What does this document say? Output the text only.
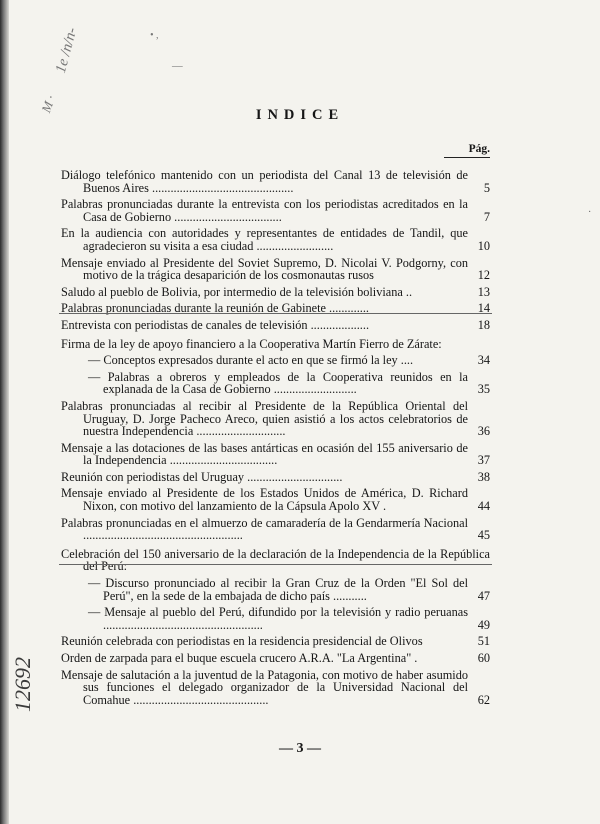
1e /n/n-
M ·
• ,
—
12692
·
INDICE
Pág.
Diálogo telefónico mantenido con un periodista del Canal 13 de televisión de Buenos Aires ..............................................	5
Palabras pronunciadas durante la entrevista con los periodistas acreditados en la Casa de Gobierno ...................................	7
En la audiencia con autoridades y representantes de entidades de Tandil, que agradecieron su visita a esa ciudad .........................	10
Mensaje enviado al Presidente del Soviet Supremo, D. Nicolai V. Podgorny, con motivo de la trágica desaparición de los cosmonautas rusos	12
Saludo al pueblo de Bolivia, por intermedio de la televisión boliviana ..	13
Palabras pronunciadas durante la reunión de Gabinete .............	14
Entrevista con periodistas de canales de televisión ...................	18
Firma de la ley de apoyo financiero a la Cooperativa Martín Fierro de Zárate:
— Conceptos expresados durante el acto en que se firmó la ley ....	34
— Palabras a obreros y empleados de la Cooperativa reunidos en la explanada de la Casa de Gobierno ...........................	35
Palabras pronunciadas al recibir al Presidente de la República Oriental del Uruguay, D. Jorge Pacheco Areco, quien asistió a los actos celebratorios de nuestra Independencia .............................	36
Mensaje a las dotaciones de las bases antárticas en ocasión del 155 aniversario de la Independencia ...................................	37
Reunión con periodistas del Uruguay ...............................	38
Mensaje enviado al Presidente de los Estados Unidos de América, D. Richard Nixon, con motivo del lanzamiento de la Cápsula Apolo XV .	44
Palabras pronunciadas en el almuerzo de camaradería de la Gendarmería Nacional ....................................................	45
Celebración del 150 aniversario de la declaración de la Independencia de la República del Perú:
— Discurso pronunciado al recibir la Gran Cruz de la Orden "El Sol del Perú", en la sede de la embajada de dicho país ...........	47
— Mensaje al pueblo del Perú, difundido por la televisión y radio peruanas ....................................................	49
Reunión celebrada con periodistas en la residencia presidencial de Olivos	51
Orden de zarpada para el buque escuela crucero A.R.A. "La Argentina" .	60
Mensaje de salutación a la juventud de la Patagonia, con motivo de haber asumido sus funciones el delegado organizador de la Universidad Nacional del Comahue ............................................	62
— 3 —
